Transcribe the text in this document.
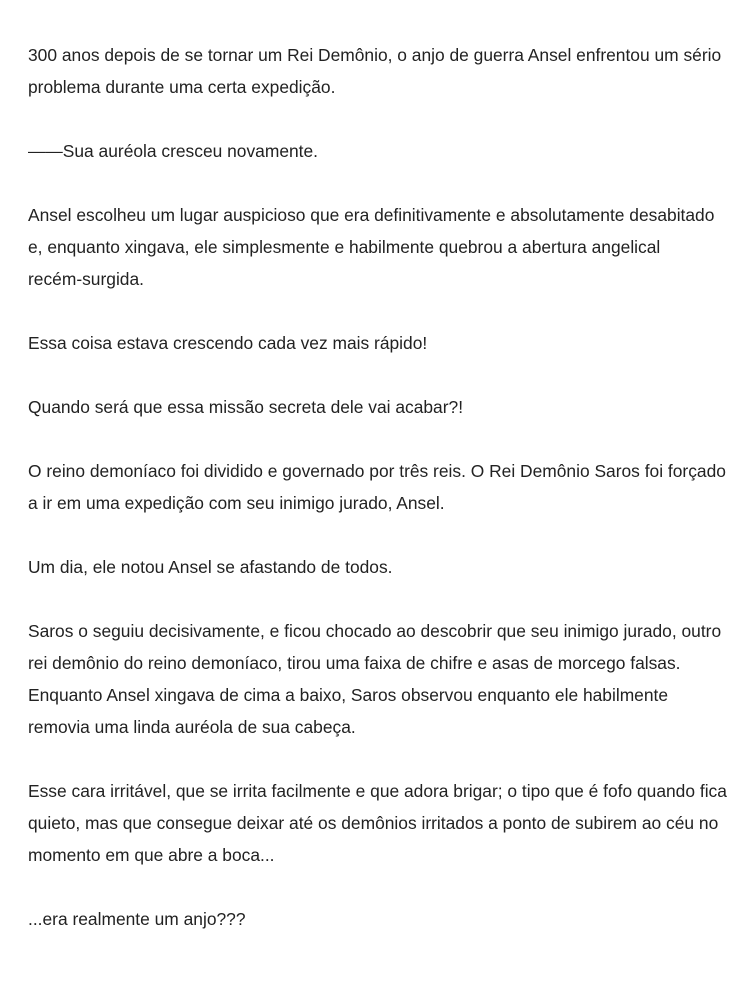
300 anos depois de se tornar um Rei Demônio, o anjo de guerra Ansel enfrentou um sério
problema durante uma certa expedição.

——Sua auréola cresceu novamente.

Ansel escolheu um lugar auspicioso que era definitivamente e absolutamente desabitado
e, enquanto xingava, ele simplesmente e habilmente quebrou a abertura angelical
recém-surgida.

Essa coisa estava crescendo cada vez mais rápido!

Quando será que essa missão secreta dele vai acabar?!

O reino demoníaco foi dividido e governado por três reis. O Rei Demônio Saros foi forçado
a ir em uma expedição com seu inimigo jurado, Ansel.

Um dia, ele notou Ansel se afastando de todos.

Saros o seguiu decisivamente, e ficou chocado ao descobrir que seu inimigo jurado, outro
rei demônio do reino demoníaco, tirou uma faixa de chifre e asas de morcego falsas.
Enquanto Ansel xingava de cima a baixo, Saros observou enquanto ele habilmente
removia uma linda auréola de sua cabeça.

Esse cara irritável, que se irrita facilmente e que adora brigar; o tipo que é fofo quando fica
quieto, mas que consegue deixar até os demônios irritados a ponto de subirem ao céu no
momento em que abre a boca...

...era realmente um anjo???
